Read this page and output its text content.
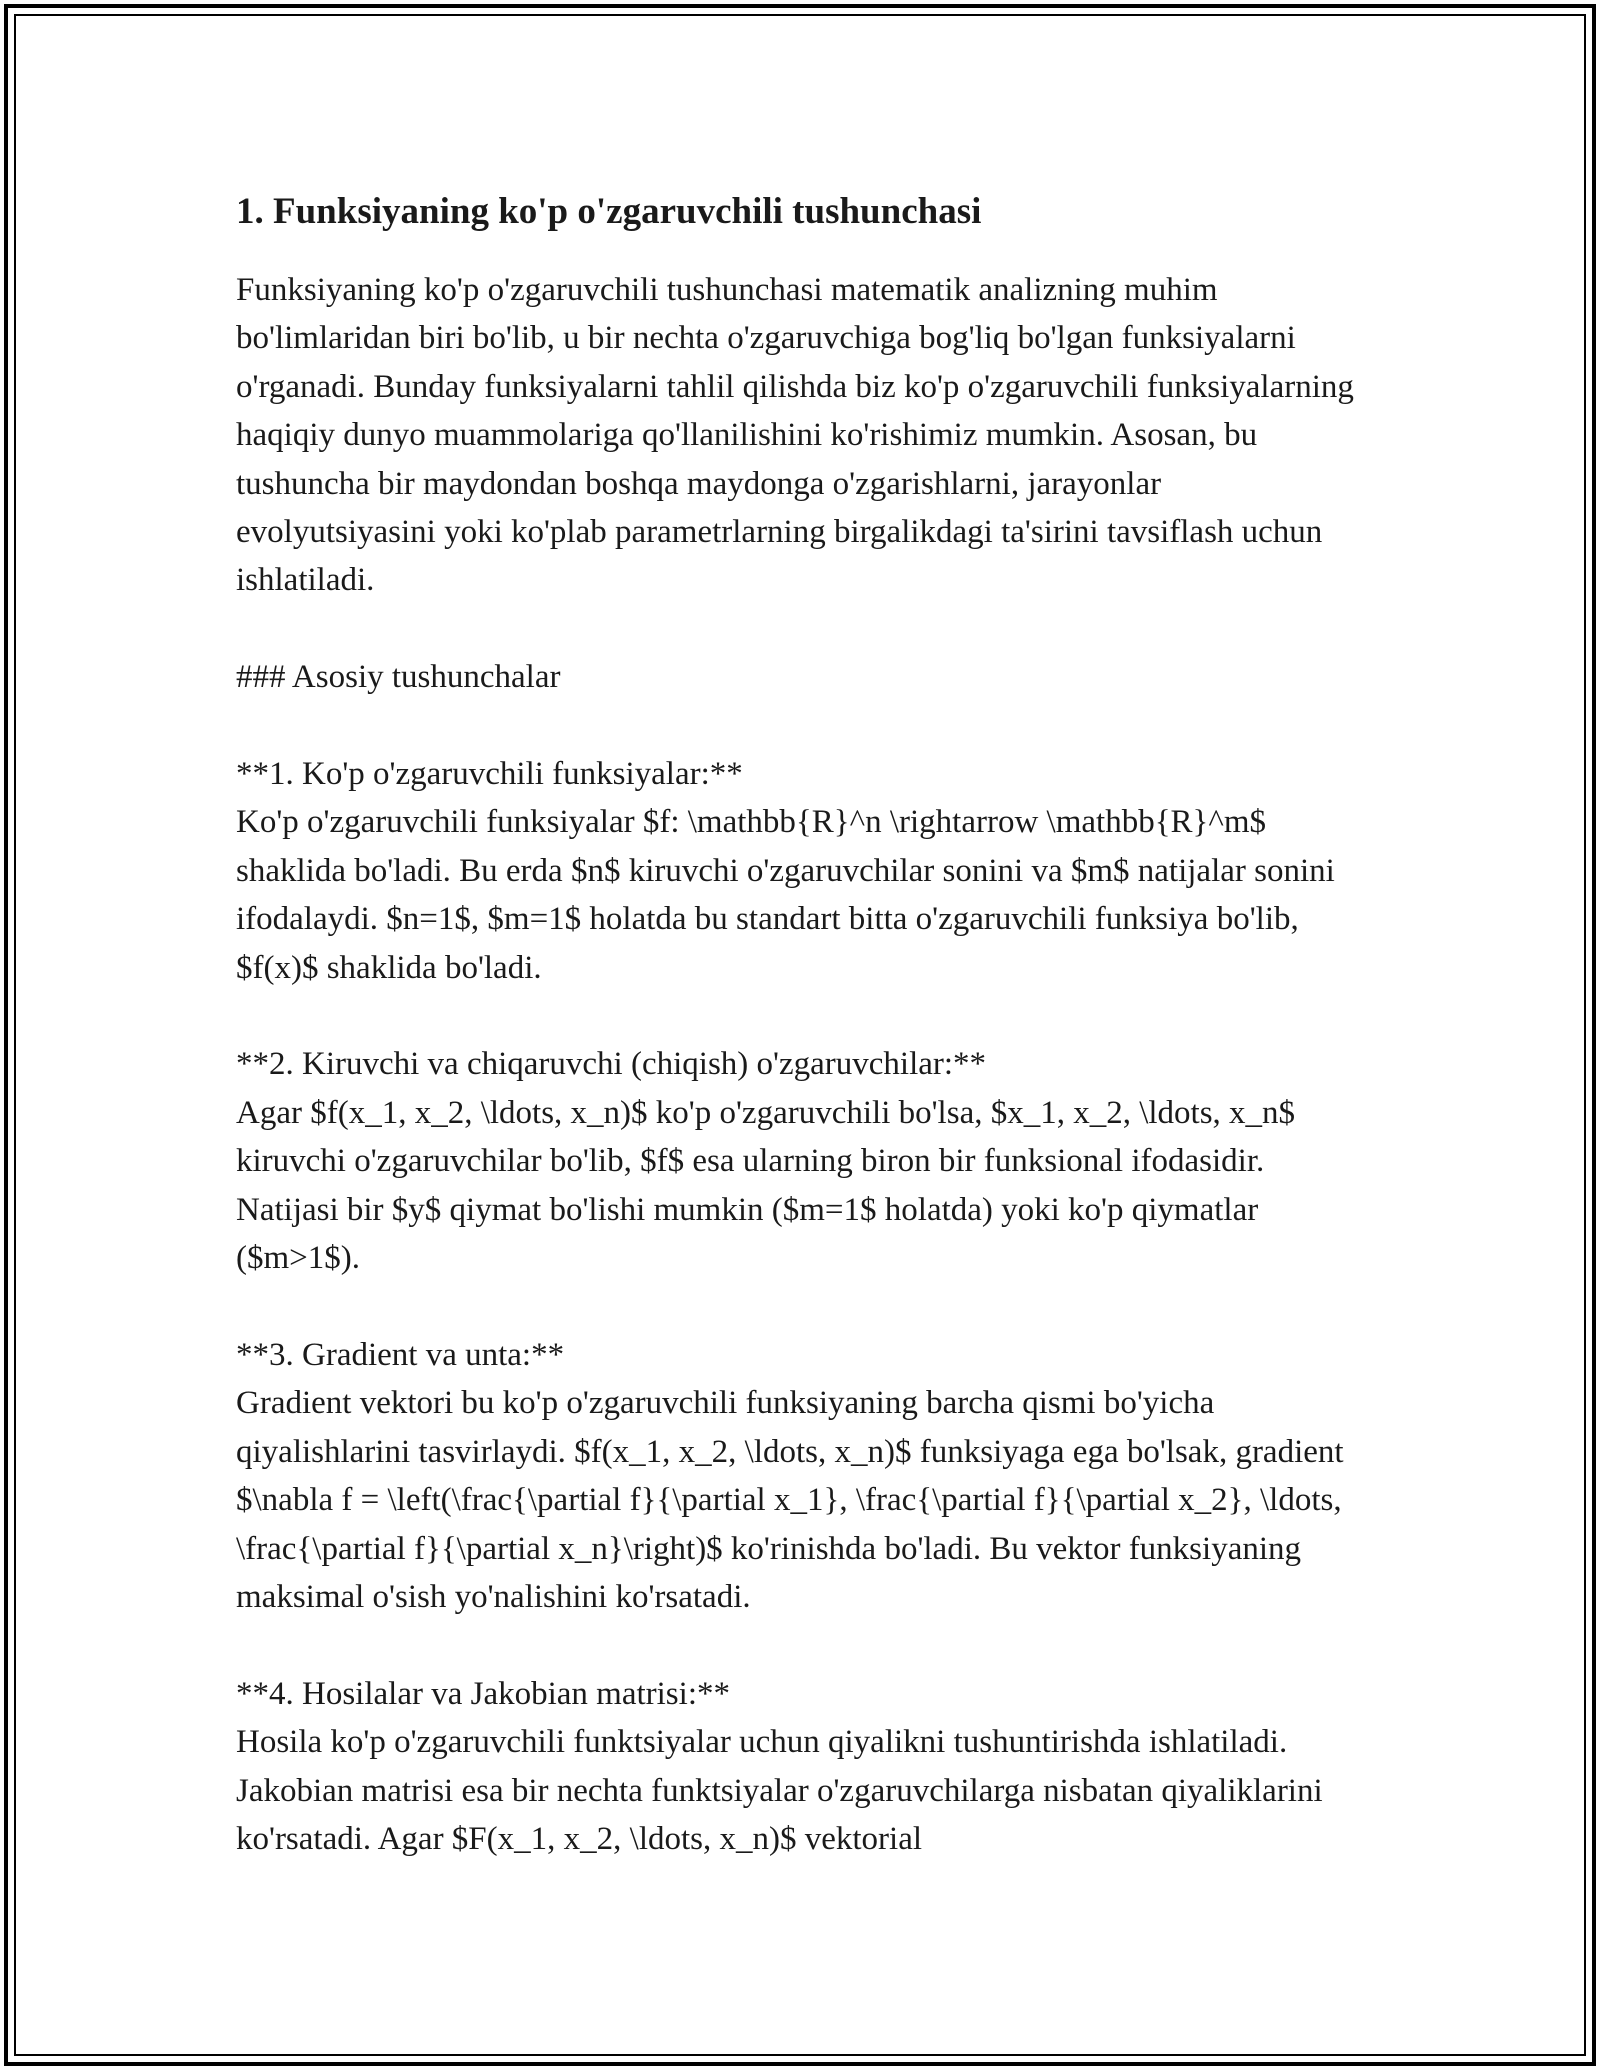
1. Funksiyaning ko'p o'zgaruvchili tushunchasi

Funksiyaning ko'p o'zgaruvchili tushunchasi matematik analizning muhim bo'limlaridan biri bo'lib, u bir nechta o'zgaruvchiga bog'liq bo'lgan funksiyalarni o'rganadi. Bunday funksiyalarni tahlil qilishda biz ko'p o'zgaruvchili funksiyalarning haqiqiy dunyo muammolariga qo'llanilishini ko'rishimiz mumkin. Asosan, bu tushuncha bir maydondan boshqa maydonga o'zgarishlarni, jarayonlar evolyutsiyasini yoki ko'plab parametrlarning birgalikdagi ta'sirini tavsiflash uchun ishlatiladi.

### Asosiy tushunchalar

**1. Ko'p o'zgaruvchili funksiyalar:**

Ko'p o'zgaruvchili funksiyalar $f: \mathbb{R}^n \rightarrow \mathbb{R}^m$ shaklida bo'ladi. Bu erda $n$ kiruvchi o'zgaruvchilar sonini va $m$ natijalar sonini ifodalaydi. $n=1$, $m=1$ holatda bu standart bitta o'zgaruvchili funksiya bo'lib, $f(x)$ shaklida bo'ladi.

**2. Kiruvchi va chiqaruvchi (chiqish) o'zgaruvchilar:**

Agar $f(x_1, x_2, \ldots, x_n)$ ko'p o'zgaruvchili bo'lsa, $x_1, x_2, \ldots, x_n$ kiruvchi o'zgaruvchilar bo'lib, $f$ esa ularning biron bir funksional ifodasidir. Natijasi bir $y$ qiymat bo'lishi mumkin ($m=1$ holatda) yoki ko'p qiymatlar ($m>1$).

**3. Gradient va unta:**

Gradient vektori bu ko'p o'zgaruvchili funksiyaning barcha qismi bo'yicha qiyalishlarini tasvirlaydi. $f(x_1, x_2, \ldots, x_n)$ funksiyaga ega bo'lsak, gradient $\nabla f = \left(\frac{\partial f}{\partial x_1}, \frac{\partial f}{\partial x_2}, \ldots, \frac{\partial f}{\partial x_n}\right)$ ko'rinishda bo'ladi. Bu vektor funksiyaning maksimal o'sish yo'nalishini ko'rsatadi.

**4. Hosilalar va Jakobian matrisi:**

Hosila ko'p o'zgaruvchili funktsiyalar uchun qiyalikni tushuntirishda ishlatiladi. Jakobian matrisi esa bir nechta funktsiyalar o'zgaruvchilarga nisbatan qiyaliklarini ko'rsatadi. Agar $F(x_1, x_2, \ldots, x_n)$ vektorial
